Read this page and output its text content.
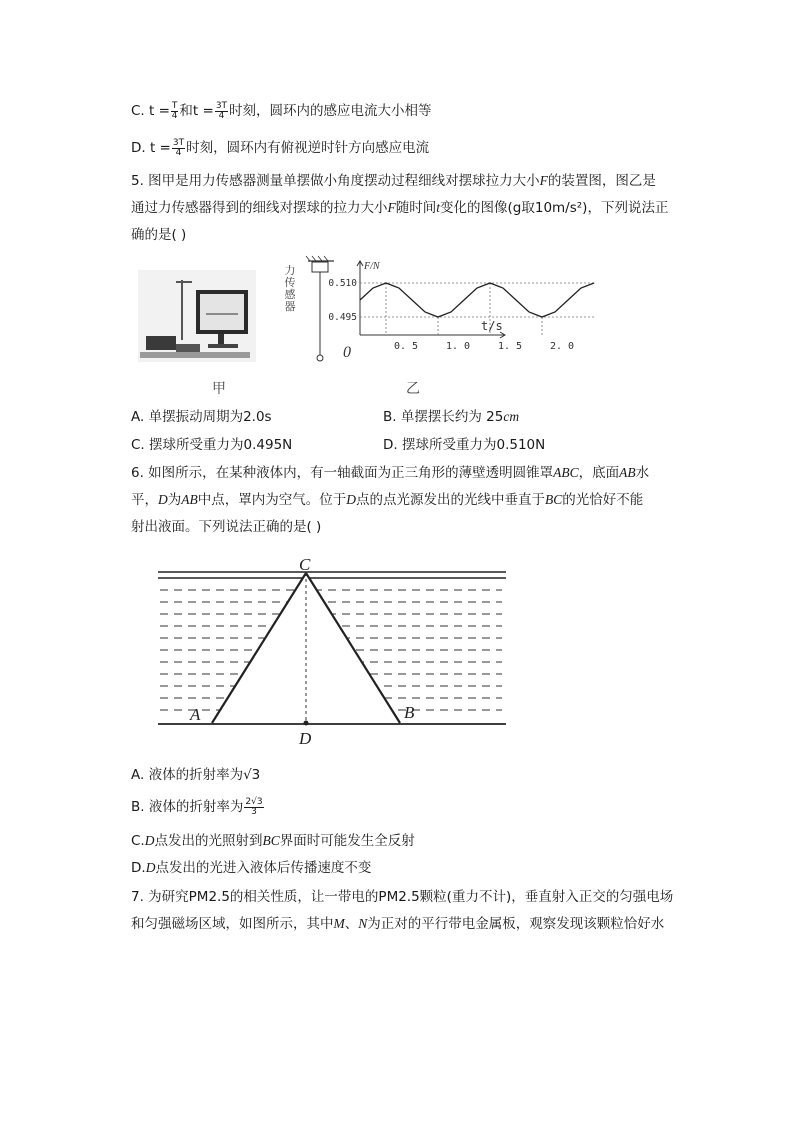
C. $t = \frac{T}{4}$ 和$t = \frac{3T}{4}$ 时刻，圆环内的感应电流大小相等
D. $t = \frac{3T}{4}$ 时刻，圆环内有俯视逆时针方向感应电流
5. 图甲是用力传感器测量单摆做小角度摆动过程细线对摆球拉力大小F的装置图，图乙是
通过力传感器得到的细线对摆球的拉力大小F随时间t变化的图像(g取10m/s²)，下列说法正
确的是( )
甲
F/N
t/s
0
0.510
0.495
0. 5	1. 0	1. 5	2. 0
力
传
感
器
乙
A. 单摆振动周期为2.0s	B. 单摆摆长约为 25cm
C. 摆球所受重力为0.495N	D. 摆球所受重力为0.510N
6. 如图所示，在某种液体内，有一轴截面为正三角形的薄壁透明圆锥罩ABC，底面AB水
平，D为AB中点，罩内为空气。位于D点的点光源发出的光线中垂直于BC的光恰好不能
射出液面。下列说法正确的是( )
C
A	B
D
A. 液体的折射率为√3
B. 液体的折射率为 $\frac{2√3}{3}$
C.D点发出的光照射到BC界面时可能发生全反射
D.D点发出的光进入液体后传播速度不变
7. 为研究PM2.5的相关性质，让一带电的PM2.5颗粒(重力不计)，垂直射入正交的匀强电场
和匀强磁场区域，如图所示，其中M、N为正对的平行带电金属板，观察发现该颗粒恰好水
